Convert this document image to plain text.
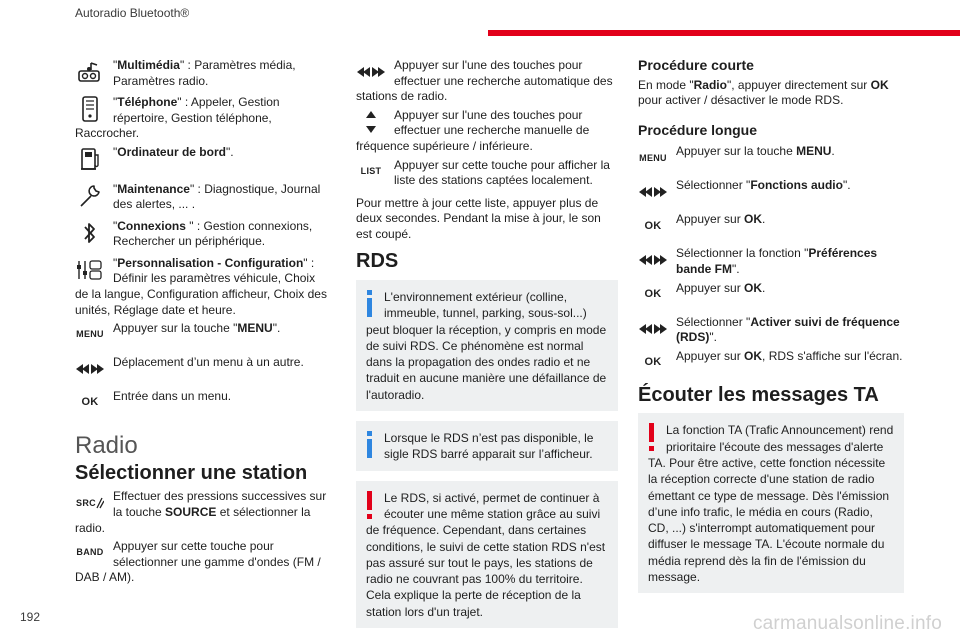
Autoradio Bluetooth®
"Multimédia" : Paramètres média, Paramètres radio.
"Téléphone" : Appeler, Gestion répertoire, Gestion téléphone, Raccrocher.
"Ordinateur de bord".
"Maintenance" : Diagnostique, Journal des alertes, ... .
"Connexions " : Gestion connexions, Rechercher un périphérique.
"Personnalisation - Configuration" : Définir les paramètres véhicule, Choix de la langue, Configuration afficheur, Choix des unités, Réglage date et heure.
MENU Appuyer sur la touche "MENU".
Déplacement d’un menu à un autre.
OK Entrée dans un menu.
Radio
Sélectionner une station
SRC Effectuer des pressions successives sur la touche SOURCE et sélectionner la radio.
BAND Appuyer sur cette touche pour sélectionner une gamme d'ondes (FM / DAB / AM).
Appuyer sur l'une des touches pour effectuer une recherche automatique des stations de radio.
Appuyer sur l'une des touches pour effectuer une recherche manuelle de fréquence supérieure / inférieure.
LIST Appuyer sur cette touche pour afficher la liste des stations captées localement.
Pour mettre à jour cette liste, appuyer plus de deux secondes. Pendant la mise à jour, le son est coupé.
RDS
L'environnement extérieur (colline, immeuble, tunnel, parking, sous-sol...) peut bloquer la réception, y compris en mode de suivi RDS. Ce phénomène est normal dans la propagation des ondes radio et ne traduit en aucune manière une défaillance de l'autoradio.
Lorsque le RDS n’est pas disponible, le sigle RDS barré apparait sur l’afficheur.
Le RDS, si activé, permet de continuer à écouter une même station grâce au suivi de fréquence. Cependant, dans certaines conditions, le suivi de cette station RDS n'est pas assuré sur tout le pays, les stations de radio ne couvrant pas 100% du territoire. Cela explique la perte de réception de la station lors d'un trajet.
Procédure courte
En mode "Radio", appuyer directement sur OK pour activer / désactiver le mode RDS.
Procédure longue
MENU Appuyer sur la touche MENU.
Sélectionner "Fonctions audio".
OK Appuyer sur OK.
Sélectionner la fonction "Préférences bande FM".
OK Appuyer sur OK.
Sélectionner "Activer suivi de fréquence (RDS)".
OK Appuyer sur OK, RDS s'affiche sur l'écran.
Écouter les messages TA
La fonction TA (Trafic Announcement) rend prioritaire l'écoute des messages d'alerte TA. Pour être active, cette fonction nécessite la réception correcte d'une station de radio émettant ce type de message. Dès l'émission d’une info trafic, le média en cours (Radio, CD, ...) s'interrompt automatiquement pour diffuser le message TA. L'écoute normale du média reprend dès la fin de l'émission du message.
192	carmanualsonline.info
